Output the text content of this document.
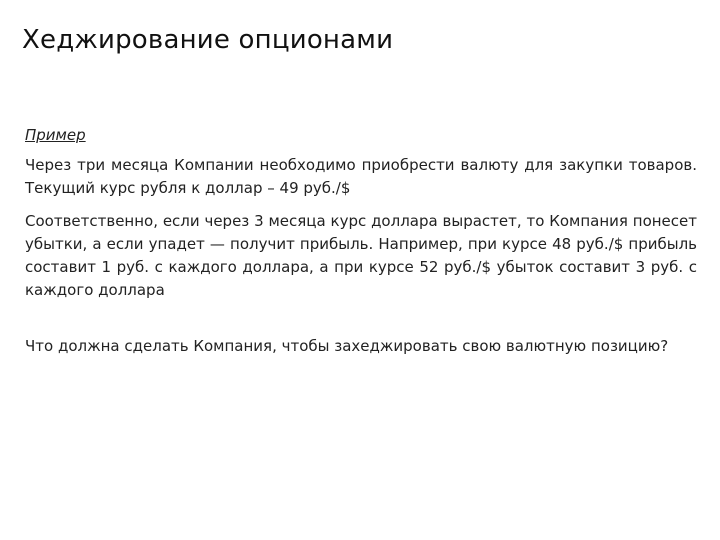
Хеджирование опционами

Пример

Через три месяца Компании необходимо приобрести валюту для закупки товаров. Текущий курс рубля к доллар – 49 руб./$

Соответственно, если через 3 месяца курс доллара вырастет, то Компания понесет убытки, а если упадет — получит прибыль. Например, при курсе 48 руб./$ прибыль составит 1 руб. с каждого доллара, а при курсе 52 руб./$ убыток составит 3 руб. с каждого доллара

Что должна сделать Компания, чтобы захеджировать свою валютную позицию?
